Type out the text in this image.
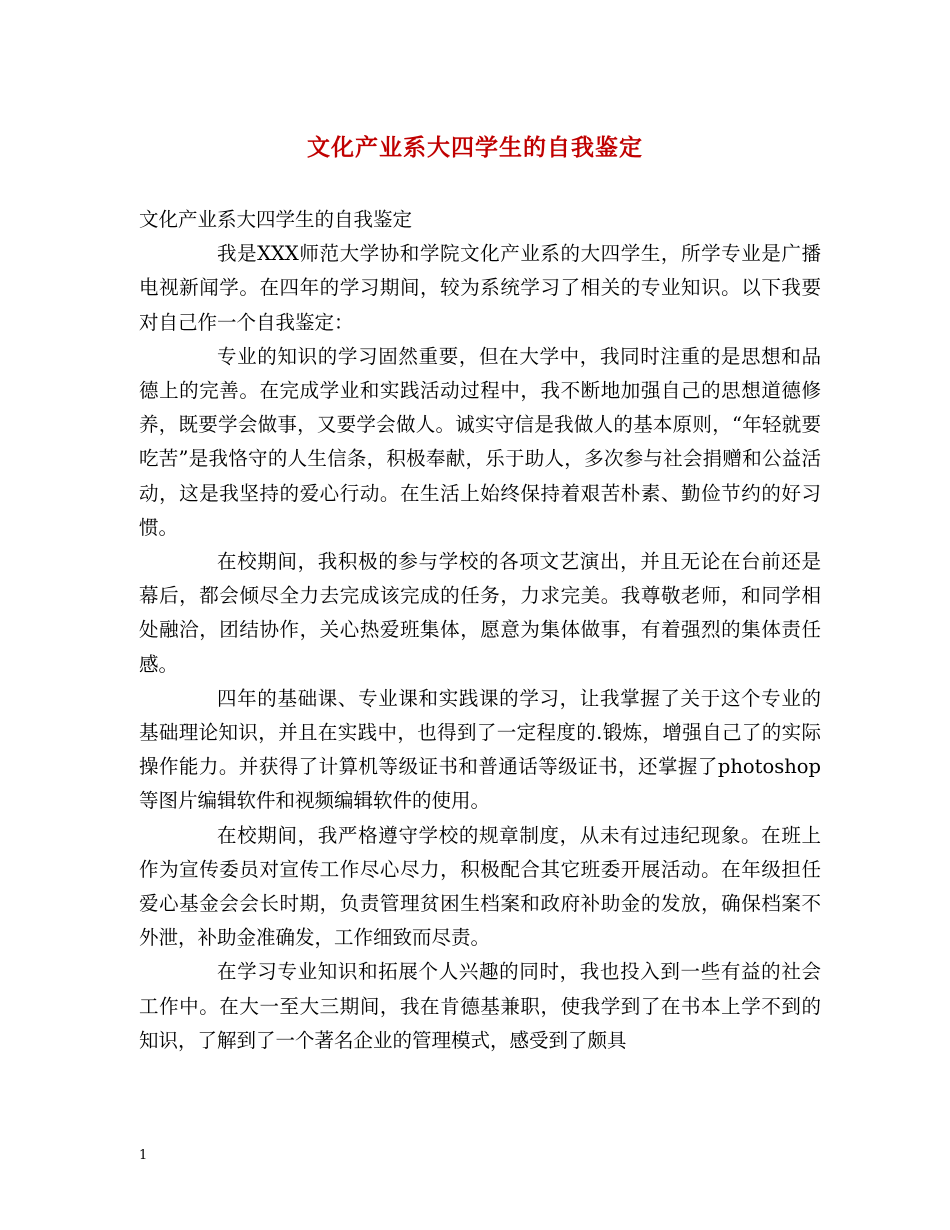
文化产业系大四学生的自我鉴定

文化产业系大四学生的自我鉴定

我是XXX师范大学协和学院文化产业系的大四学生，所学专业是广播电视新闻学。在四年的学习期间，较为系统学习了相关的专业知识。以下我要对自己作一个自我鉴定：

专业的知识的学习固然重要，但在大学中，我同时注重的是思想和品德上的完善。在完成学业和实践活动过程中，我不断地加强自己的思想道德修养，既要学会做事，又要学会做人。诚实守信是我做人的基本原则，“年轻就要吃苦”是我恪守的人生信条，积极奉献，乐于助人，多次参与社会捐赠和公益活动，这是我坚持的爱心行动。在生活上始终保持着艰苦朴素、勤俭节约的好习惯。

在校期间，我积极的参与学校的各项文艺演出，并且无论在台前还是幕后，都会倾尽全力去完成该完成的任务，力求完美。我尊敬老师，和同学相处融洽，团结协作，关心热爱班集体，愿意为集体做事，有着强烈的集体责任感。

四年的基础课、专业课和实践课的学习，让我掌握了关于这个专业的基础理论知识，并且在实践中，也得到了一定程度的.锻炼，增强自己了的实际操作能力。并获得了计算机等级证书和普通话等级证书，还掌握了photoshop等图片编辑软件和视频编辑软件的使用。

在校期间，我严格遵守学校的规章制度，从未有过违纪现象。在班上作为宣传委员对宣传工作尽心尽力，积极配合其它班委开展活动。在年级担任爱心基金会会长时期，负责管理贫困生档案和政府补助金的发放，确保档案不外泄，补助金准确发，工作细致而尽责。

在学习专业知识和拓展个人兴趣的同时，我也投入到一些有益的社会工作中。在大一至大三期间，我在肯德基兼职，使我学到了在书本上学不到的知识，了解到了一个著名企业的管理模式，感受到了颇具

1
